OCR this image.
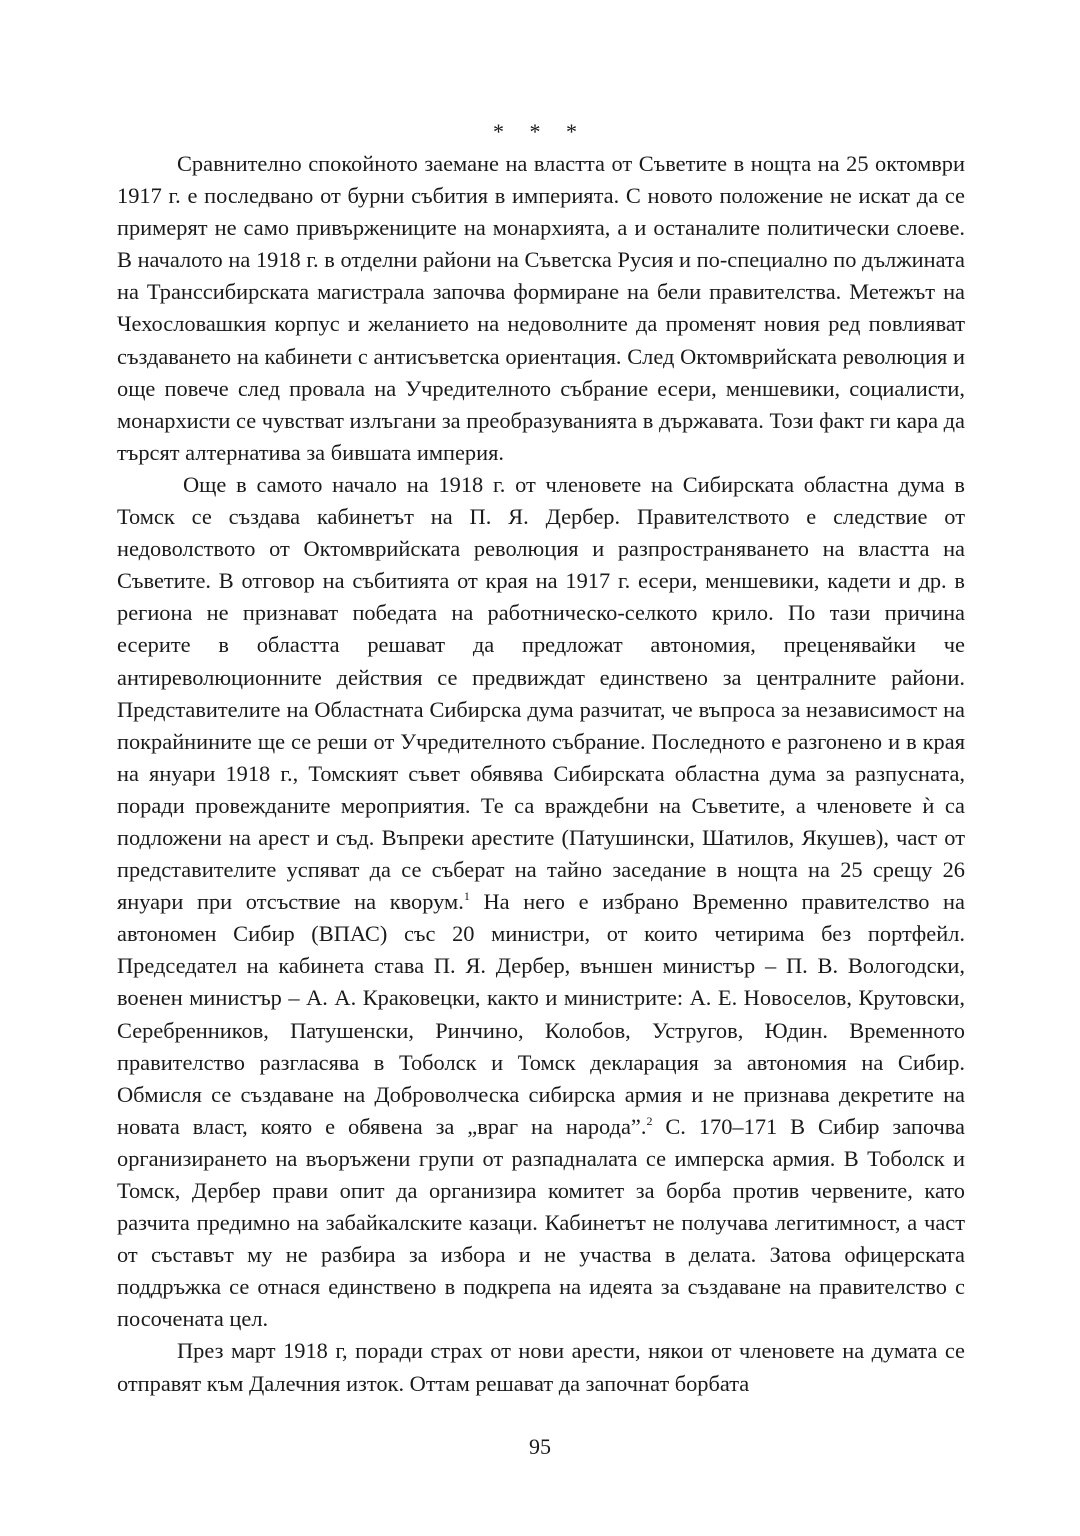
* * *

Сравнително спокойното заемане на властта от Съветите в нощта на 25 октомври 1917 г. е последвано от бурни събития в империята. С новото положение не искат да се примерят не само привържениците на монархията, а и останалите политически слоеве. В началото на 1918 г. в отделни райони на Съветска Русия и по-специално по дължината на Транссибирската магистрала започва формиране на бели правителства. Метежът на Чехословашкия корпус и желанието на недоволните да променят новия ред повлияват създаването на кабинети с антисъветска ориентация. След Октомврийската революция и още повече след провала на Учредителното събрание есери, меншевики, социалисти, монархисти се чувстват излъгани за преобразуванията в държавата. Този факт ги кара да търсят алтернатива за бившата империя.

Още в самото начало на 1918 г. от членовете на Сибирската областна дума в Томск се създава кабинетът на П. Я. Дербер. Правителството е следствие от недоволството от Октомврийската революция и разпространяването на властта на Съветите. В отговор на събитията от края на 1917 г. есери, меншевики, кадети и др. в региона не признават победата на работническо-селкото крило. По тази причина есерите в областта решават да предложат автономия, преценявайки че антиреволюционните действия се предвиждат единствено за централните райони. Представителите на Областната Сибирска дума разчитат, че въпроса за независимост на покрайнините ще се реши от Учредителното събрание. Последното е разгонено и в края на януари 1918 г., Томският съвет обявява Сибирската областна дума за разпусната, поради провежданите мероприятия. Те са враждебни на Съветите, а членовете ѝ са подложени на арест и съд. Въпреки арестите (Патушински, Шатилов, Якушев), част от представителите успяват да се съберат на тайно заседание в нощта на 25 срещу 26 януари при отсъствие на кворум.$^1$ На него е избрано Временно правителство на автономен Сибир (ВПАС) със 20 министри, от които четирима без портфейл. Председател на кабинета става П. Я. Дербер, външен министър – П. В. Вологодски, военен министър – А. А. Краковецки, както и министрите: А. Е. Новоселов, Крутовски, Серебренников, Патушенски, Ринчино, Колобов, Устругов, Юдин. Временното правителство разгласява в Тоболск и Томск декларация за автономия на Сибир. Обмисля се създаване на Доброволческа сибирска армия и не признава декретите на новата власт, която е обявена за „враг на народа”.$^2$ С. 170–171 В Сибир започва организирането на въоръжени групи от разпадналата се имперска армия. В Тоболск и Томск, Дербер прави опит да организира комитет за борба против червените, като разчита предимно на забайкалските казаци. Кабинетът не получава легитимност, а част от съставът му не разбира за избора и не участва в делата. Затова офицерската поддръжка се отнася единствено в подкрепа на идеята за създаване на правителство с посочената цел.

През март 1918 г, поради страх от нови арести, някои от членовете на думата се отправят към Далечния изток. Оттам решават да започнат борбата

95
